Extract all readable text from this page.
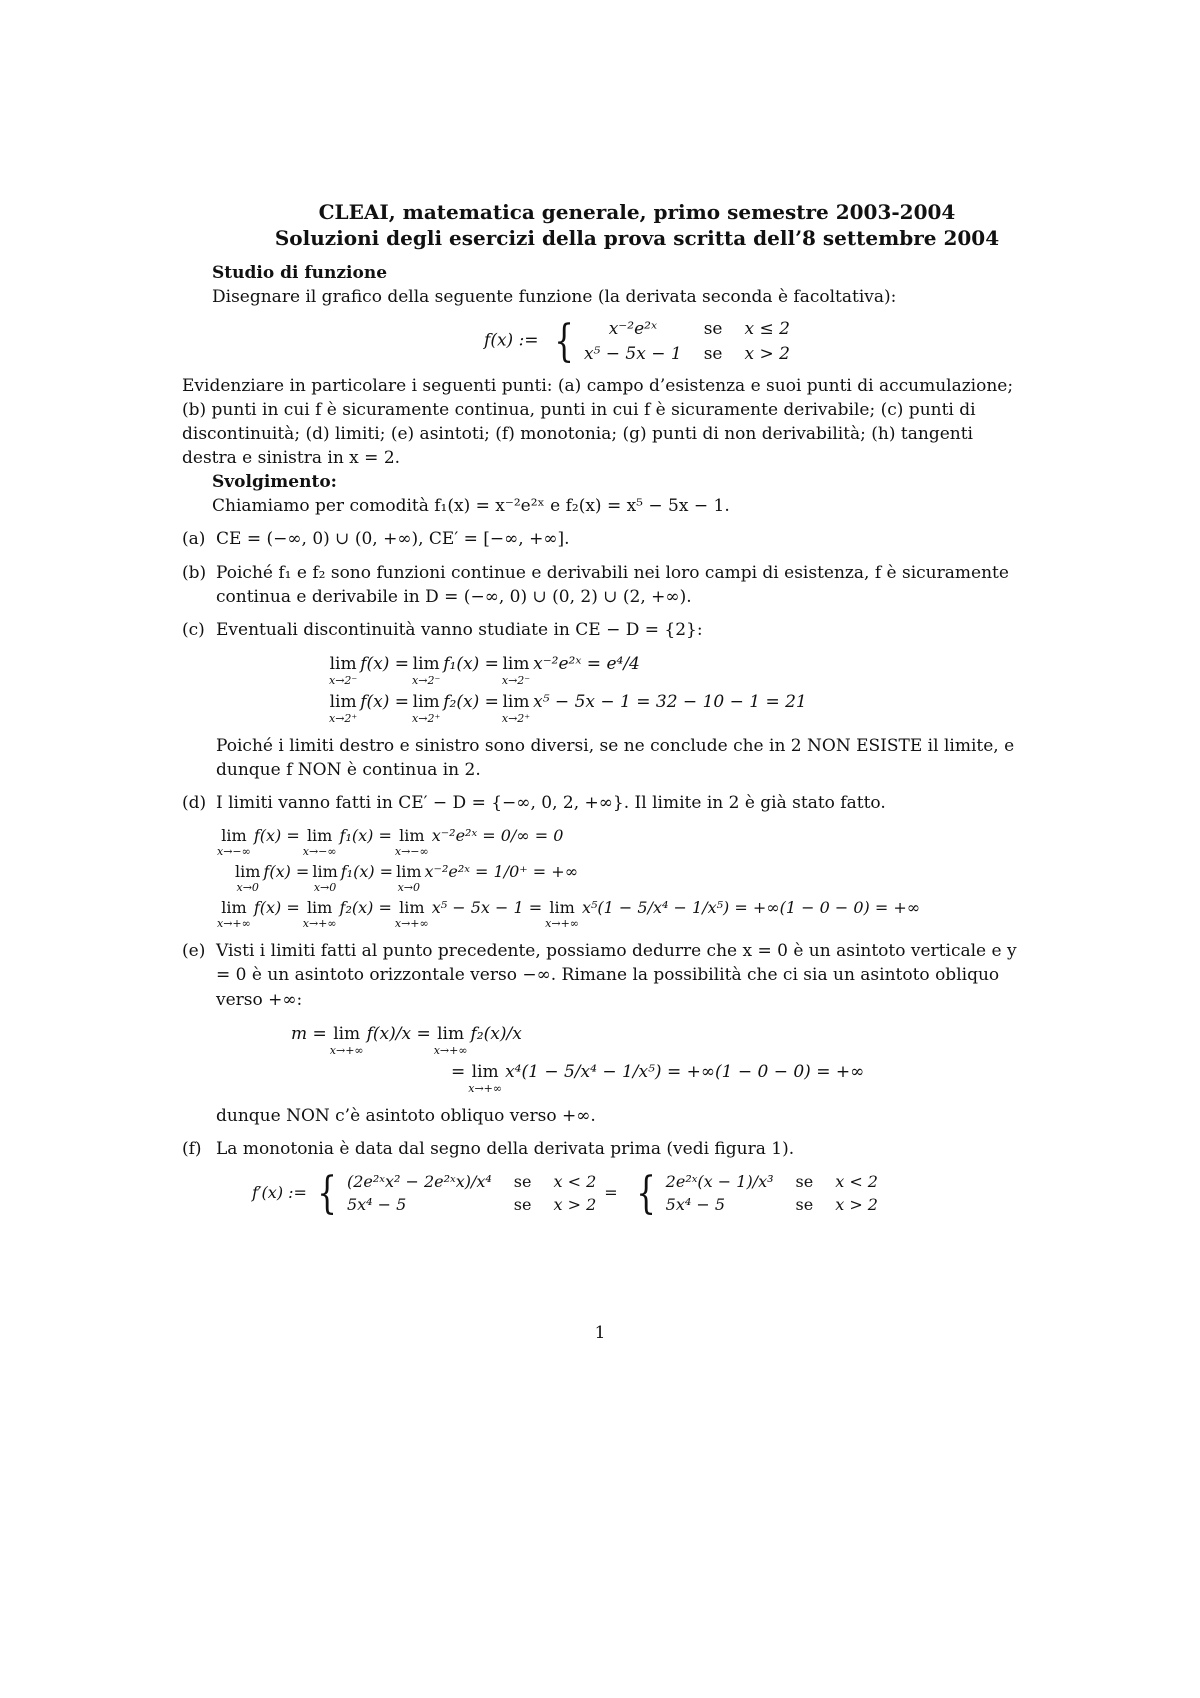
CLEAI, matematica generale, primo semestre 2003-2004
Soluzioni degli esercizi della prova scritta dell’8 settembre 2004
Studio di funzione
Disegnare il grafico della seguente funzione (la derivata seconda è facoltativa):
f(x) := {	x⁻²e²ˣ	se x ≤ 2
x⁵ − 5x − 1 se x > 2
Evidenziare in particolare i seguenti punti: (a) campo d’esistenza e suoi punti di accumulazione; (b) punti in cui f è sicuramente continua, punti in cui f è sicuramente derivabile; (c) punti di discontinuità; (d) limiti; (e) asintoti; (f) monotonia; (g) punti di non derivabilità; (h) tangenti destra e sinistra in x = 2.
Svolgimento:
Chiamiamo per comodità f₁(x) = x⁻²e²ˣ e f₂(x) = x⁵ − 5x − 1.
(a) CE = (−∞, 0) ∪ (0, +∞), CE′ = [−∞, +∞].
(b) Poiché f₁ e f₂ sono funzioni continue e derivabili nei loro campi di esistenza, f è sicuramente continua e derivabile in D = (−∞, 0) ∪ (0, 2) ∪ (2, +∞).
(c) Eventuali discontinuità vanno studiate in CE − D = {2}:
lim
x→2⁻
f(x) = lim
x→2⁻
f₁(x) = lim
x→2⁻
x⁻²e²ˣ = e⁴/4
lim
x→2⁺
f(x) = lim
x→2⁺
f₂(x) = lim
x→2⁺
x⁵ − 5x − 1 = 32 − 10 − 1 = 21
Poiché i limiti destro e sinistro sono diversi, se ne conclude che in 2 NON ESISTE il limite, e dunque f NON è continua in 2.
(d) I limiti vanno fatti in CE′ − D = {−∞, 0, 2, +∞}. Il limite in 2 è già stato fatto.
lim
x→−∞
f(x) = lim
x→−∞
f₁(x) = lim
x→−∞
x⁻²e²ˣ = 0/∞ = 0
lim
x→0
f(x) = lim
x→0
f₁(x) = lim
x→0
x⁻²e²ˣ = 1/0⁺ = +∞
lim
x→+∞
f(x) = lim
x→+∞
f₂(x) = lim
x→+∞
x⁵ − 5x − 1 = lim
x→+∞
x⁵(1 − 5/x⁴ − 1/x⁵) = +∞(1 − 0 − 0) = +∞
(e) Visti i limiti fatti al punto precedente, possiamo dedurre che x = 0 è un asintoto verticale e y = 0 è un asintoto orizzontale verso −∞. Rimane la possibilità che ci sia un asintoto obliquo verso +∞:
m = lim
x→+∞
f(x)/x = lim
x→+∞
f₂(x)/x
= lim
x→+∞
x⁴(1 − 5/x⁴ − 1/x⁵) = +∞(1 − 0 − 0) = +∞
dunque NON c’è asintoto obliquo verso +∞.
(f) La monotonia è data dal segno della derivata prima (vedi figura 1).
f′(x) := { (2e²ˣx² − 2e²ˣx)/x⁴ se x < 2
5x⁴ − 5	se x > 2
= { 2e²ˣ(x − 1)/x³ se x < 2
5x⁴ − 5	se x > 2
1
